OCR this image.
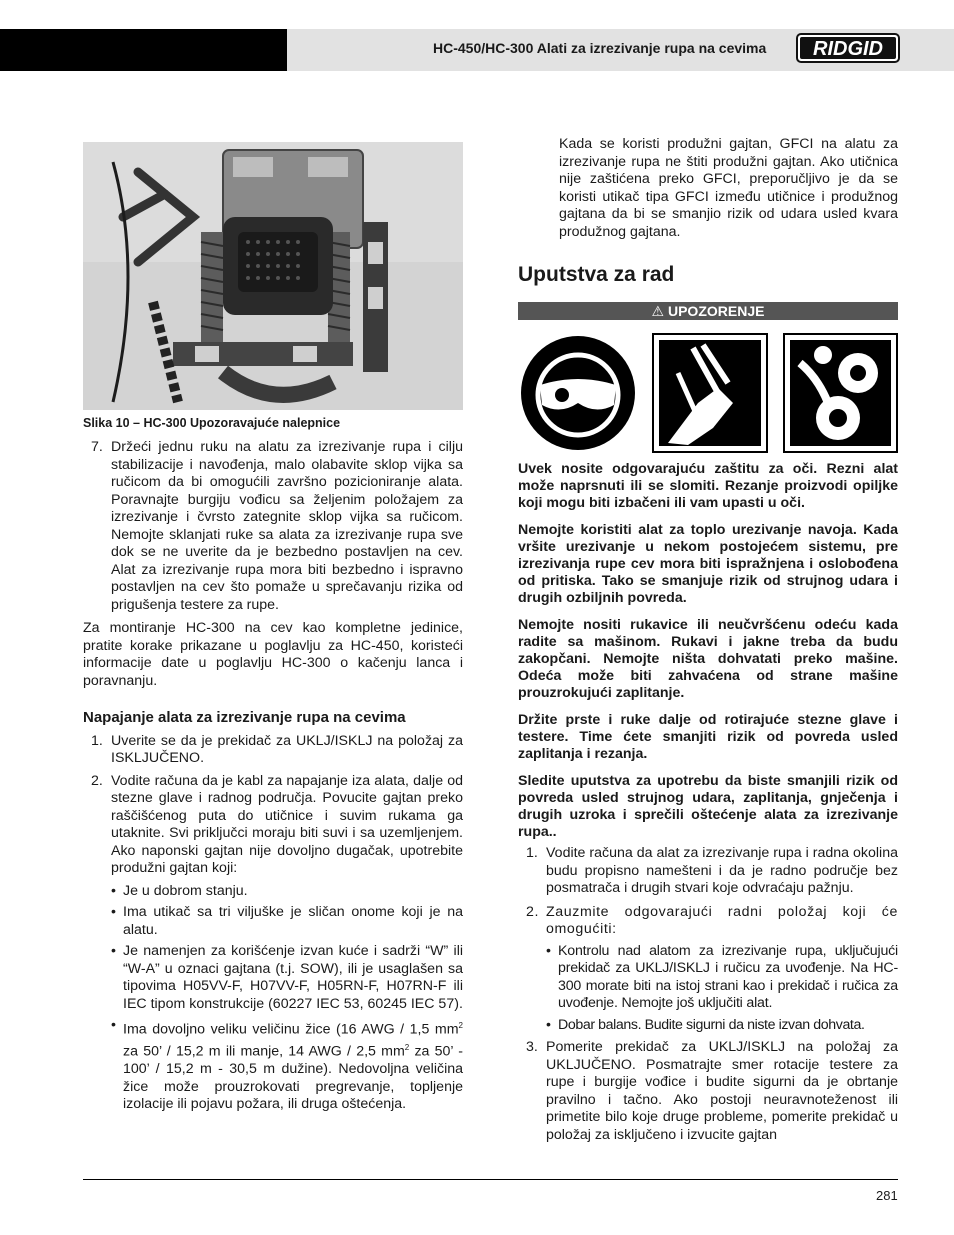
HC-450/HC-300 Alati za izrezivanje rupa na cevima RIDGID
Slika 10 – HC-300 Upozoravajuće nalepnice
7. Držeći jednu ruku na alatu za izrezivanje rupa i cilju stabilizacije i navođenja, malo olabavite sklop vijka sa ručicom da bi omogućili završno pozicioniranje alata. Poravnajte burgiju vođicu sa željenim položajem za izrezivanje i čvrsto zategnite sklop vijka sa ručicom. Nemojte sklanjati ruke sa alata za izrezivanje rupa sve dok se ne uverite da je bezbedno postavljen na cev. Alat za izrezivanje rupa mora biti bezbedno i ispravno postavljen na cev što pomaže u sprečavanju rizika od prigušenja testere za rupe.

Za montiranje HC-300 na cev kao kompletne jedinice, pratite korake prikazane u poglavlju za HC-450, koristeći informacije date u poglavlju HC-300 o kačenju lanca i poravnanju.

Napajanje alata za izrezivanje rupa na cevima
1. Uverite se da je prekidač za UKLJ/ISKLJ na položaj za ISKLJUČENO.
2. Vodite računa da je kabl za napajanje iza alata, dalje od stezne glave i radnog područja. Povucite gajtan preko raščišćenog puta do utičnice i suvim rukama ga utaknite. Svi priključci moraju biti suvi i sa uzemljenjem. Ako naponski gajtan nije dovoljno dugačak, upotrebite produžni gajtan koji:
• Je u dobrom stanju.
• Ima utikač sa tri viljuške je sličan onome koji je na alatu.
• Je namenjen za korišćenje izvan kuće i sadrži “W” ili “W-A” u oznaci gajtana (t.j. SOW), ili je usaglašen sa tipovima H05VV-F, H07VV-F, H05RN-F, H07RN-F ili IEC tipom konstrukcije (60227 IEC 53, 60245 IEC 57).
• Ima dovoljno veliku veličinu žice (16 AWG / 1,5 $mm^2$ za 50’ / 15,2 m ili manje, 14 AWG / 2,5 $mm^2$ za 50’ - 100’ / 15,2 m - 30,5 m dužine). Nedovoljna veličina žice može prouzrokovati pregrevanje, topljenje izolacije ili pojavu požara, ili druga oštećenja.

Kada se koristi produžni gajtan, GFCI na alatu za izrezivanje rupa ne štiti produžni gajtan. Ako utičnica nije zaštićena preko GFCI, preporučljivo je da se koristi utikač tipa GFCI između utičnice i produžnog gajtana da bi se smanjio rizik od udara usled kvara produžnog gajtana.

Uputstva za rad
⚠ UPOZORENJE

Uvek nosite odgovarajuću zaštitu za oči. Rezni alat može naprsnuti ili se slomiti. Rezanje proizvodi opiljke koji mogu biti izbačeni ili vam upasti u oči.

Nemojte koristiti alat za toplo urezivanje navoja. Kada vršite urezivanje u nekom postojećem sistemu, pre izrezivanja rupe cev mora biti ispražnjena i oslobođena od pritiska. Tako se smanjuje rizik od strujnog udara i drugih ozbiljnih povreda.

Nemojte nositi rukavice ili neučvršćenu odeću kada radite sa mašinom. Rukavi i jakne treba da budu zakopčani. Nemojte ništa dohvatati preko mašine. Odeća može biti zahvaćena od strane mašine prouzrokujući zaplitanje.

Držite prste i ruke dalje od rotirajuće stezne glave i testere. Time ćete smanjiti rizik od povreda usled zaplitanja i rezanja.

Sledite uputstva za upotrebu da biste smanjili rizik od povreda usled strujnog udara, zaplitanja, gnječenja i drugih uzroka i sprečili oštećenje alata za izrezivanje rupa..

1. Vodite računa da alat za izrezivanje rupa i radna okolina budu propisno namešteni i da je radno područje bez posmatrača i drugih stvari koje odvraćaju pažnju.
2. Zauzmite odgovarajući radni položaj koji će omogućiti:
• Kontrolu nad alatom za izrezivanje rupa, uključujući prekidač za UKLJ/ISKLJ i ručicu za uvođenje. Na HC-300 morate biti na istoj strani kao i prekidač i ručica za uvođenje. Nemojte još uključiti alat.
• Dobar balans. Budite sigurni da niste izvan dohvata.
3. Pomerite prekidač za UKLJ/ISKLJ na položaj za UKLJUČENO. Posmatrajte smer rotacije testere za rupe i burgije vođice i budite sigurni da je obrtanje pravilno i tačno. Ako postoji neuravnotežеnost ili primetite bilo koje druge probleme, pomerite prekidač u položaj za isključeno i izvucite gajtan
281
